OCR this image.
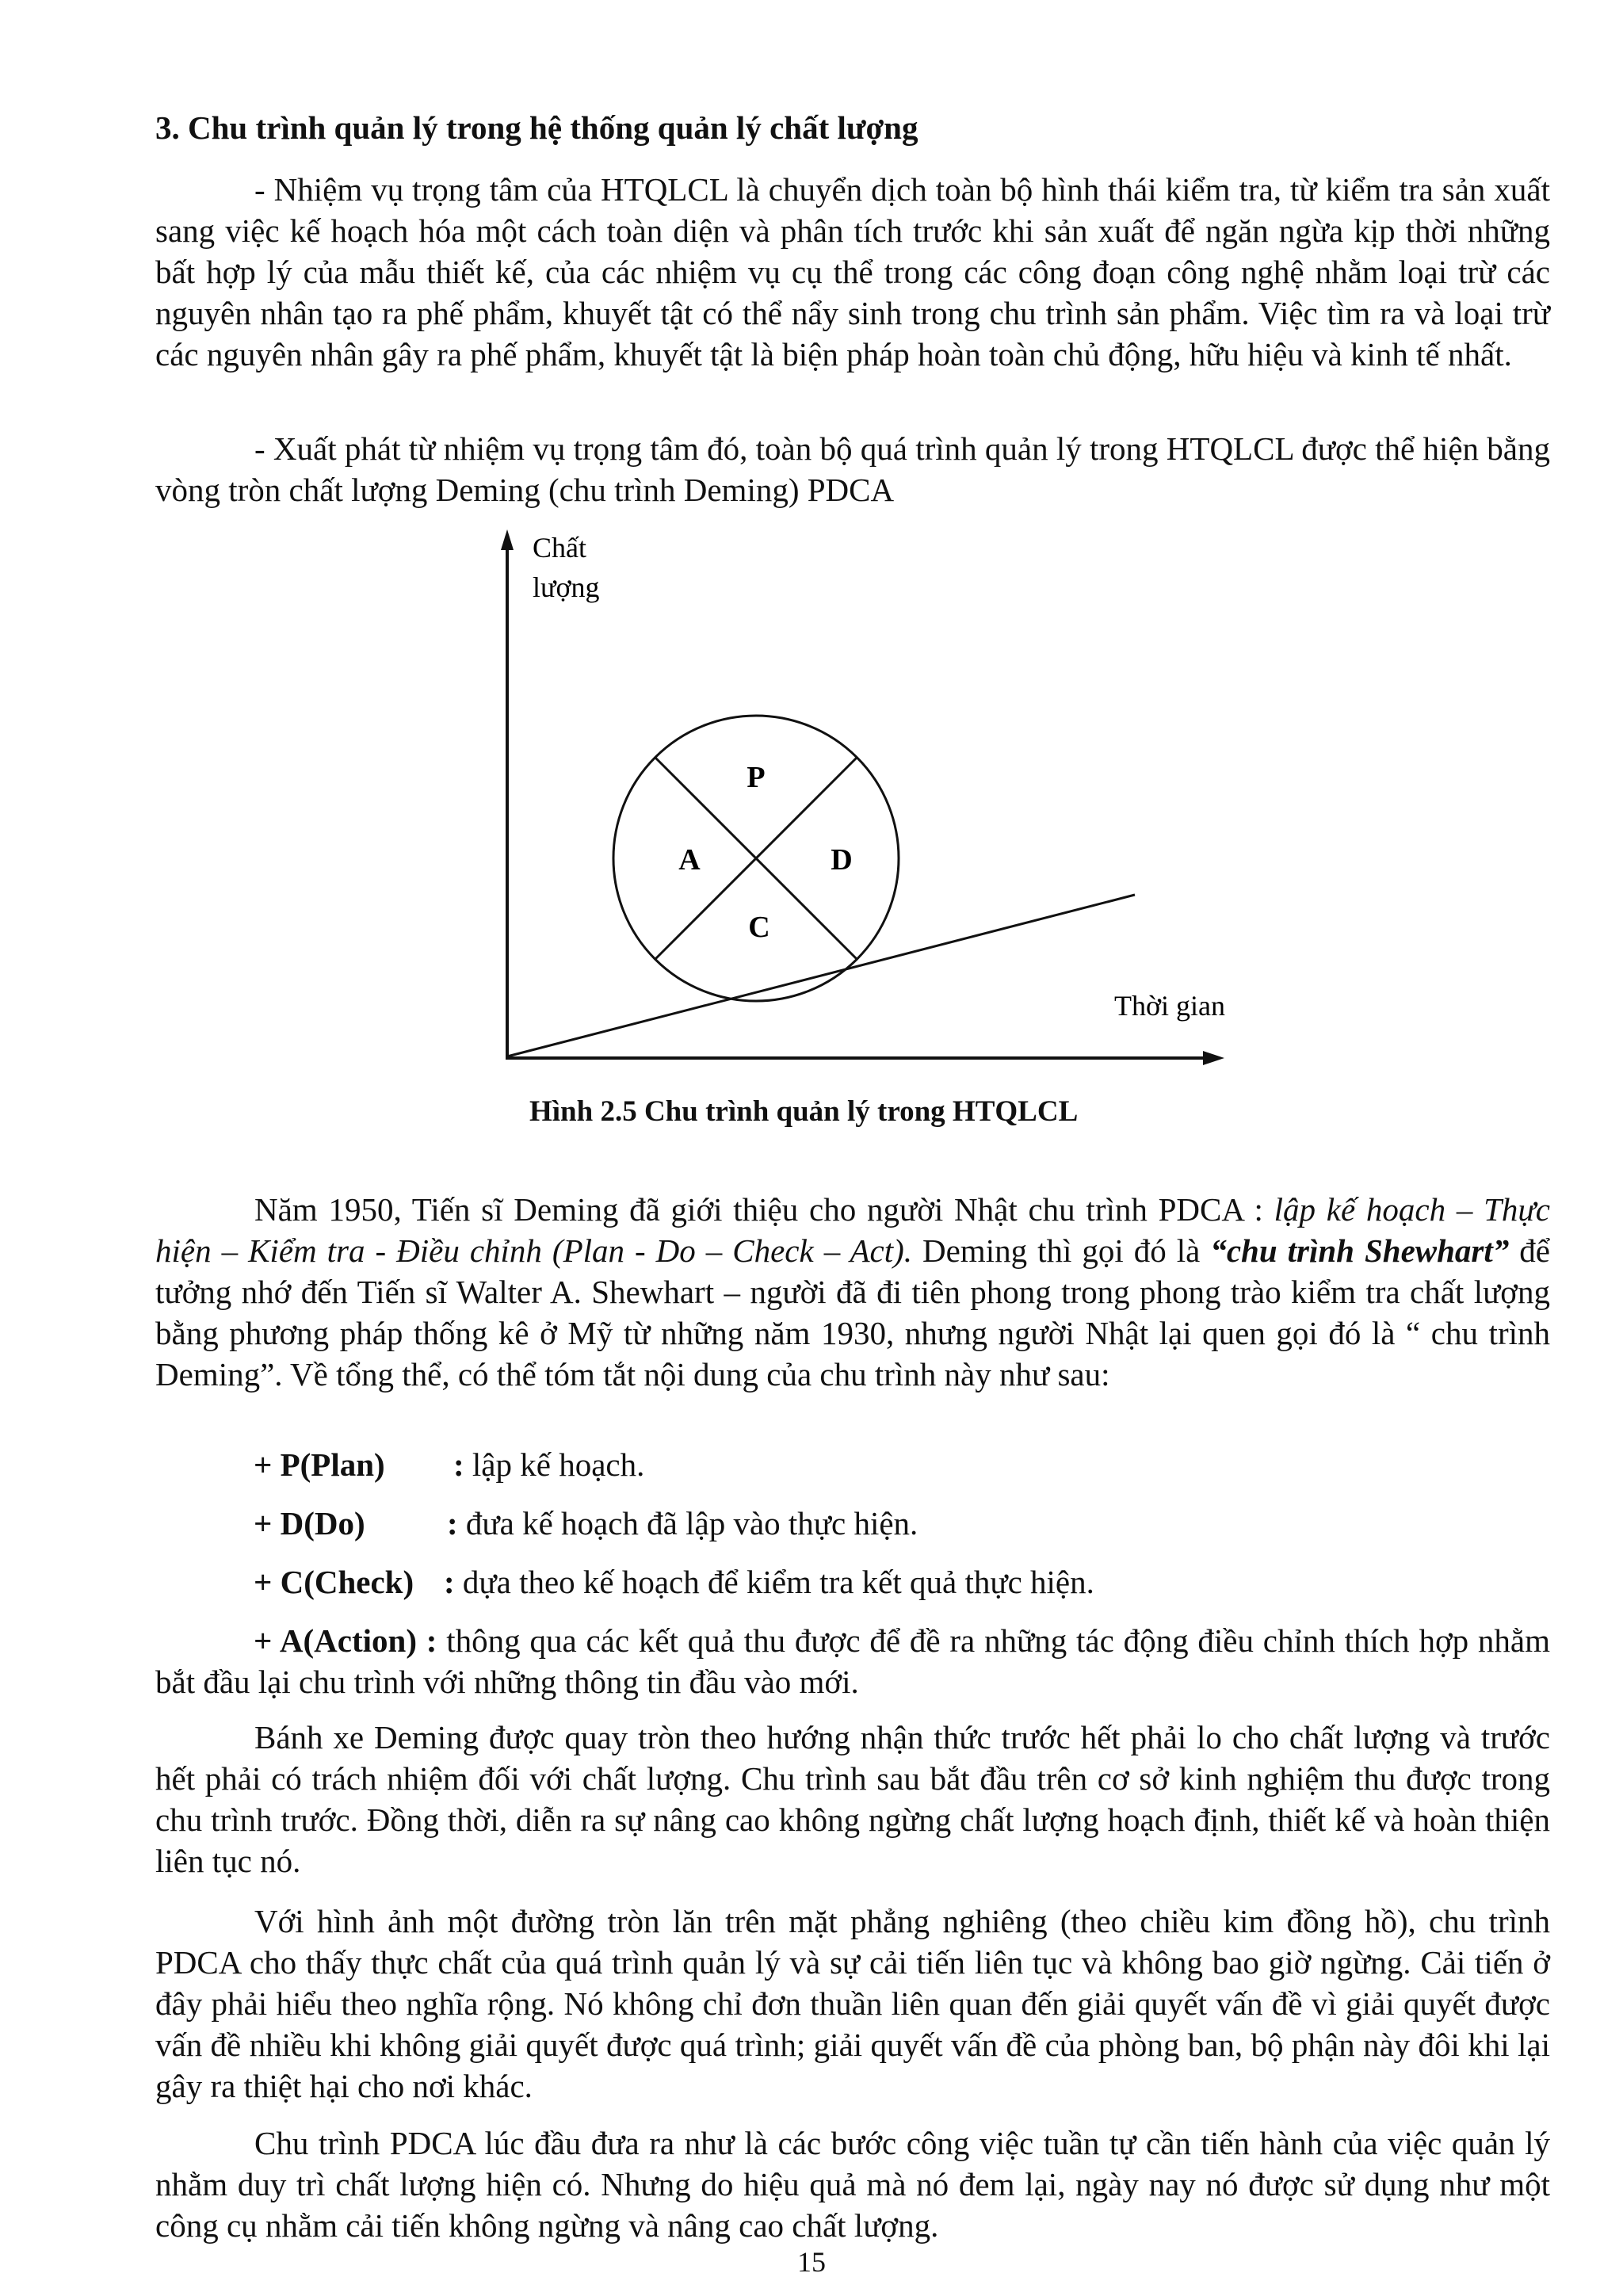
3. Chu trình quản lý trong hệ thống quản lý chất lượng
- Nhiệm vụ trọng tâm của HTQLCL là chuyển dịch toàn bộ hình thái kiểm tra, từ kiểm tra sản xuất sang việc kế hoạch hóa một cách toàn diện và phân tích trước khi sản xuất để ngăn ngừa kịp thời những bất hợp lý của mẫu thiết kế, của các nhiệm vụ cụ thể trong các công đoạn công nghệ nhằm loại trừ các nguyên nhân tạo ra phế phẩm, khuyết tật có thể nẩy sinh trong chu trình sản phẩm. Việc tìm ra và loại trừ các nguyên nhân gây ra phế phẩm, khuyết tật là biện pháp hoàn toàn chủ động, hữu hiệu và kinh tế nhất.
- Xuất phát từ nhiệm vụ trọng tâm đó, toàn bộ quá trình quản lý trong HTQLCL được thể hiện bằng vòng tròn chất lượng Deming (chu trình Deming) PDCA
P
D
C
A
Chất
lượng
Thời gian
Hình 2.5 Chu trình quản lý trong HTQLCL
Năm 1950, Tiến sĩ Deming đã giới thiệu cho người Nhật chu trình PDCA : lập kế hoạch – Thực hiện – Kiểm tra - Điều chỉnh (Plan - Do – Check – Act). Deming thì gọi đó là “chu trình Shewhart” để tưởng nhớ đến Tiến sĩ Walter A. Shewhart – người đã đi tiên phong trong phong trào kiểm tra chất lượng bằng phương pháp thống kê ở Mỹ từ những năm 1930, nhưng người Nhật lại quen gọi đó là “ chu trình Deming”. Về tổng thể, có thể tóm tắt nội dung của chu trình này như sau:
+ P(Plan) : lập kế hoạch.
+ D(Do)	: đưa kế hoạch đã lập vào thực hiện.
+ C(Check) : dựa theo kế hoạch để kiểm tra kết quả thực hiện.
+ A(Action) : thông qua các kết quả thu được để đề ra những tác động điều chỉnh thích hợp nhằm bắt đầu lại chu trình với những thông tin đầu vào mới.
Bánh xe Deming được quay tròn theo hướng nhận thức trước hết phải lo cho chất lượng và trước hết phải có trách nhiệm đối với chất lượng. Chu trình sau bắt đầu trên cơ sở kinh nghiệm thu được trong chu trình trước. Đồng thời, diễn ra sự nâng cao không ngừng chất lượng hoạch định, thiết kế và hoàn thiện liên tục nó.
Với hình ảnh một đường tròn lăn trên mặt phẳng nghiêng (theo chiều kim đồng hồ), chu trình PDCA cho thấy thực chất của quá trình quản lý và sự cải tiến liên tục và không bao giờ ngừng. Cải tiến ở đây phải hiểu theo nghĩa rộng. Nó không chỉ đơn thuần liên quan đến giải quyết vấn đề vì giải quyết được vấn đề nhiều khi không giải quyết được quá trình; giải quyết vấn đề của phòng ban, bộ phận này đôi khi lại gây ra thiệt hại cho nơi khác.
Chu trình PDCA lúc đầu đưa ra như là các bước công việc tuần tự cần tiến hành của việc quản lý nhằm duy trì chất lượng hiện có. Nhưng do hiệu quả mà nó đem lại, ngày nay nó được sử dụng như một công cụ nhằm cải tiến không ngừng và nâng cao chất lượng.
15
